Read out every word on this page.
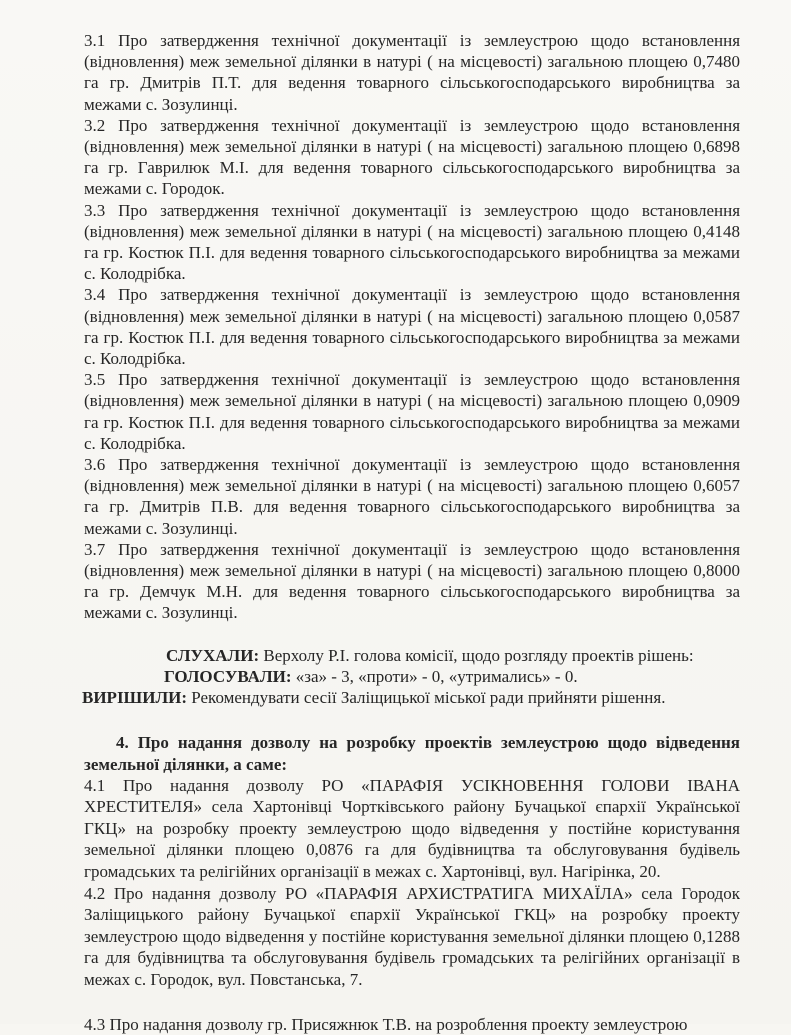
3.1 Про затвердження технічної документації із землеустрою щодо встановлення (відновлення) меж земельної ділянки в натурі ( на місцевості) загальною площею 0,7480 га гр. Дмитрів П.Т. для ведення товарного сільськогосподарського виробництва за межами с. Зозулинці.

3.2 Про затвердження технічної документації із землеустрою щодо встановлення (відновлення) меж земельної ділянки в натурі ( на місцевості) загальною площею 0,6898 га гр. Гаврилюк М.І. для ведення товарного сільськогосподарського виробництва за межами с. Городок.

3.3 Про затвердження технічної документації із землеустрою щодо встановлення (відновлення) меж земельної ділянки в натурі ( на місцевості) загальною площею 0,4148 га гр. Костюк П.І. для ведення товарного сільськогосподарського виробництва за межами с. Колодрібка.

3.4 Про затвердження технічної документації із землеустрою щодо встановлення (відновлення) меж земельної ділянки в натурі ( на місцевості) загальною площею 0,0587 га гр. Костюк П.І. для ведення товарного сільськогосподарського виробництва за межами с. Колодрібка.

3.5 Про затвердження технічної документації із землеустрою щодо встановлення (відновлення) меж земельної ділянки в натурі ( на місцевості) загальною площею 0,0909 га гр. Костюк П.І. для ведення товарного сільськогосподарського виробництва за межами с. Колодрібка.

3.6 Про затвердження технічної документації із землеустрою щодо встановлення (відновлення) меж земельної ділянки в натурі ( на місцевості) загальною площею 0,6057 га гр. Дмитрів П.В. для ведення товарного сільськогосподарського виробництва за межами с. Зозулинці.

3.7 Про затвердження технічної документації із землеустрою щодо встановлення (відновлення) меж земельної ділянки в натурі ( на місцевості) загальною площею 0,8000 га гр. Демчук М.Н. для ведення товарного сільськогосподарського виробництва за межами с. Зозулинці.

СЛУХАЛИ: Верхолу Р.І. голова комісії, щодо розгляду проектів рішень:

ГОЛОСУВАЛИ: «за» - 3, «проти» - 0, «утримались» - 0.

ВИРІШИЛИ: Рекомендувати сесії Заліщицької міської ради прийняти рішення.

4. Про надання дозволу на розробку проектів землеустрою щодо відведення земельної ділянки, а саме:

4.1 Про надання дозволу РО «ПАРАФІЯ УСІКНОВЕННЯ ГОЛОВИ ІВАНА ХРЕСТИТЕЛЯ» села Хартонівці Чортківського району Бучацької єпархії Української ГКЦ» на розробку проекту землеустрою щодо відведення у постійне користування земельної ділянки площею 0,0876 га для будівництва та обслуговування будівель громадських та релігійних організації в межах с. Хартонівці, вул. Нагірінка, 20.

4.2 Про надання дозволу РО «ПАРАФІЯ АРХИСТРАТИГА МИХАЇЛА» села Городок Заліщицького району Бучацької єпархії Української ГКЦ» на розробку проекту землеустрою щодо відведення у постійне користування земельної ділянки площею 0,1288 га для будівництва та обслуговування будівель громадських та релігійних організації в межах с. Городок, вул. Повстанська, 7.

4.3 Про надання дозволу гр. Присяжнюк Т.В. на розроблення проекту землеустрою
